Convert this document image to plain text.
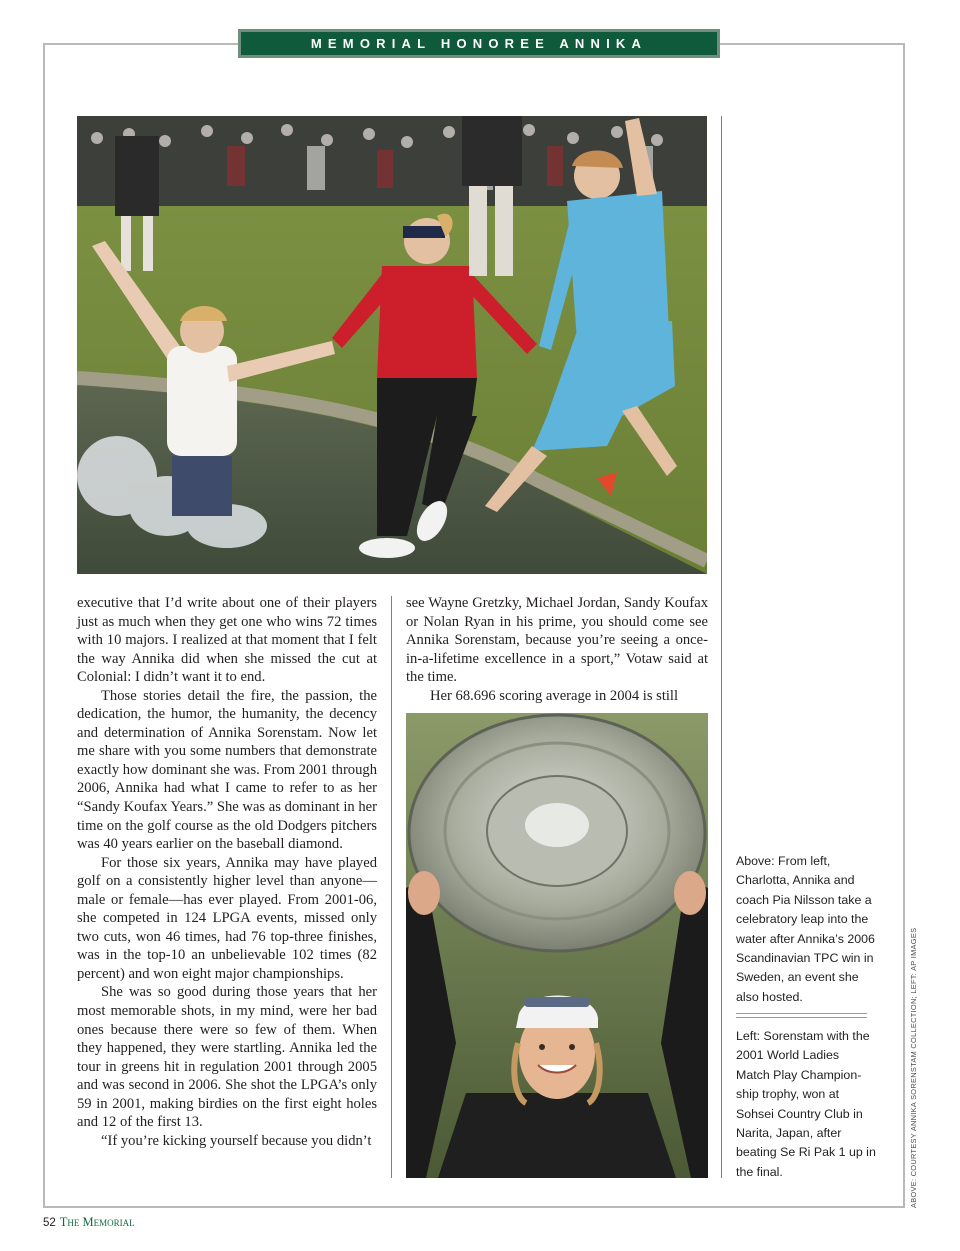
MEMORIAL HONOREE ANNIKA SORENSTAM

executive that I’d write about one of their players just as much when they get one who wins 72 times with 10 majors. I realized at that moment that I felt the way Annika did when she missed the cut at Colonial: I didn’t want it to end.

Those stories detail the fire, the passion, the dedication, the humor, the humanity, the decency and determination of Annika Sorenstam. Now let me share with you some numbers that demonstrate exactly how dominant she was. From 2001 through 2006, Annika had what I came to refer to as her “Sandy Koufax Years.” She was as dominant in her time on the golf course as the old Dodgers pitchers was 40 years earlier on the baseball diamond.

For those six years, Annika may have played golf on a consistently higher level than anyone—male or female—has ever played. From 2001-06, she competed in 124 LPGA events, missed only two cuts, won 46 times, had 76 top-three finishes, was in the top-10 an unbelievable 102 times (82 percent) and won eight major championships.

She was so good during those years that her most memorable shots, in my mind, were her bad ones because there were so few of them. When they happened, they were startling. Annika led the tour in greens hit in regulation 2001 through 2005 and was second in 2006. She shot the LPGA’s only 59 in 2001, making birdies on the first eight holes and 12 of the first 13.

“If you’re kicking yourself because you didn’t

see Wayne Gretzky, Michael Jordan, Sandy Koufax or Nolan Ryan in his prime, you should come see Annika Sorenstam, because you’re seeing a once-in-a-lifetime excellence in a sport,” Votaw said at the time.

Her 68.696 scoring average in 2004 is still

Above: From left, Charlotta, Annika and coach Pia Nilsson take a celebratory leap into the water after Annika’s 2006 Scandinavian TPC win in Sweden, an event she also hosted.
Left: Sorenstam with the 2001 World Ladies Match Play Championship trophy, won at Sohsei Country Club in Narita, Japan, after beating Se Ri Pak 1 up in the final.	ABOVE: COURTESY ANNIKA SORENSTAM COLLECTION; LEFT: AP IMAGES
52 The Memorial
